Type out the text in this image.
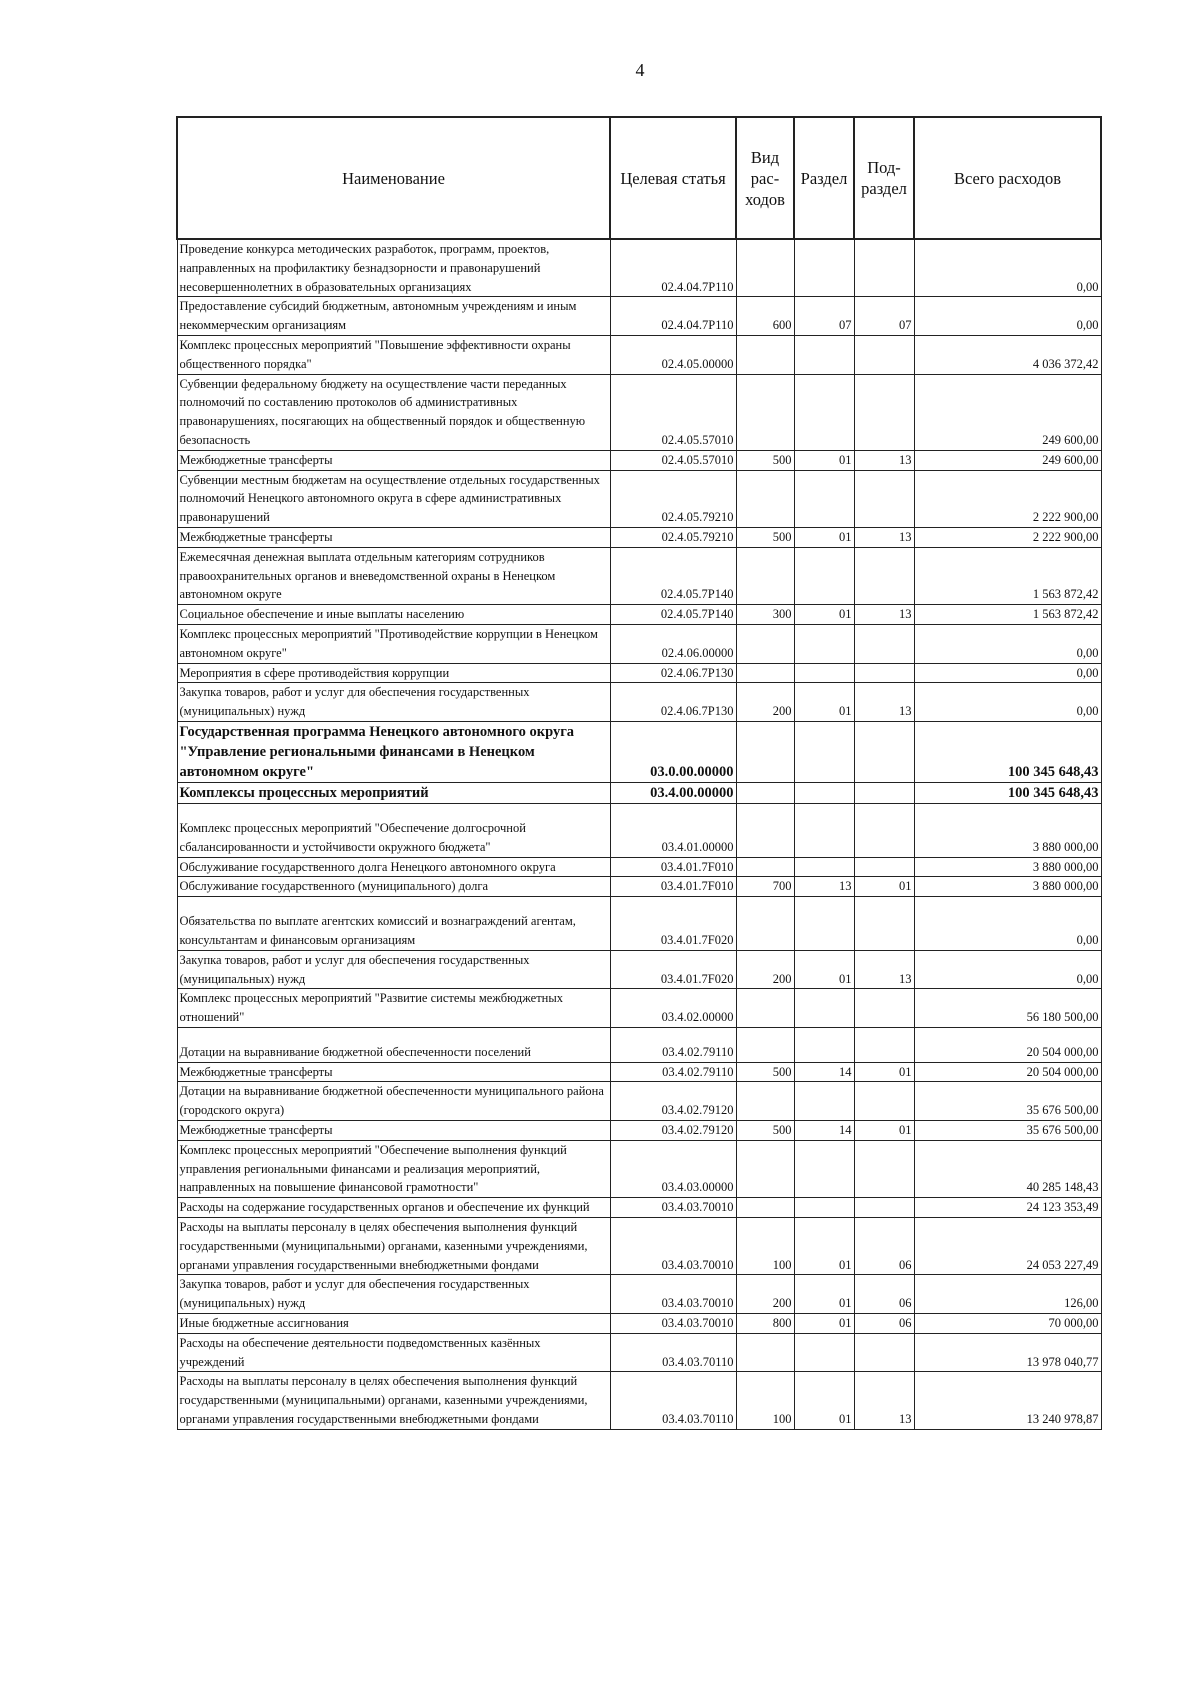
4
Наименование	Целевая статья	Вид рас- ходов	Раздел	Под- раздел	Всего расходов
Проведение конкурса методических разработок, программ, проектов, направленных на профилактику безнадзорности и правонарушений несовершеннолетних в образовательных организациях	02.4.04.7Р110				0,00
Предоставление субсидий бюджетным, автономным учреждениям и иным некоммерческим организациям	02.4.04.7Р110	600	07	07	0,00
Комплекс процессных мероприятий "Повышение эффективности охраны общественного порядка"	02.4.05.00000				4 036 372,42
Субвенции федеральному бюджету на осуществление части переданных полномочий по составлению протоколов об административных правонарушениях, посягающих на общественный порядок и общественную безопасность	02.4.05.57010				249 600,00
Межбюджетные трансферты	02.4.05.57010	500	01	13	249 600,00
Субвенции местным бюджетам на осуществление отдельных государственных полномочий Ненецкого автономного округа в сфере административных правонарушений	02.4.05.79210				2 222 900,00
Межбюджетные трансферты	02.4.05.79210	500	01	13	2 222 900,00
Ежемесячная денежная выплата отдельным категориям сотрудников правоохранительных органов и вневедомственной охраны в Ненецком автономном округе	02.4.05.7Р140				1 563 872,42
Социальное обеспечение и иные выплаты населению	02.4.05.7Р140	300	01	13	1 563 872,42
Комплекс процессных мероприятий "Противодействие коррупции в Ненецком автономном округе"	02.4.06.00000				0,00
Мероприятия в сфере противодействия коррупции	02.4.06.7Р130				0,00
Закупка товаров, работ и услуг для обеспечения государственных (муниципальных) нужд	02.4.06.7Р130	200	01	13	0,00
Государственная программа Ненецкого автономного округа "Управление региональными финансами в Ненецком автономном округе"	03.0.00.00000				100 345 648,43
Комплексы процессных мероприятий	03.4.00.00000				100 345 648,43
Комплекс процессных мероприятий "Обеспечение долгосрочной сбалансированности и устойчивости окружного бюджета"	03.4.01.00000				3 880 000,00
Обслуживание государственного долга Ненецкого автономного округа	03.4.01.7F010				3 880 000,00
Обслуживание государственного (муниципального) долга	03.4.01.7F010	700	13	01	3 880 000,00
Обязательства по выплате агентских комиссий и вознаграждений агентам, консультантам и финансовым организациям	03.4.01.7F020				0,00
Закупка товаров, работ и услуг для обеспечения государственных (муниципальных) нужд	03.4.01.7F020	200	01	13	0,00
Комплекс процессных мероприятий "Развитие системы межбюджетных отношений"	03.4.02.00000				56 180 500,00
Дотации на выравнивание бюджетной обеспеченности поселений	03.4.02.79110				20 504 000,00
Межбюджетные трансферты	03.4.02.79110	500	14	01	20 504 000,00
Дотации на выравнивание бюджетной обеспеченности муниципального района (городского округа)	03.4.02.79120				35 676 500,00
Межбюджетные трансферты	03.4.02.79120	500	14	01	35 676 500,00
Комплекс процессных мероприятий "Обеспечение выполнения функций управления региональными финансами и реализация мероприятий, направленных на повышение финансовой грамотности"	03.4.03.00000				40 285 148,43
Расходы на содержание государственных органов и обеспечение их функций	03.4.03.70010				24 123 353,49
Расходы на выплаты персоналу в целях обеспечения выполнения функций государственными (муниципальными) органами, казенными учреждениями, органами управления государственными внебюджетными фондами	03.4.03.70010	100	01	06	24 053 227,49
Закупка товаров, работ и услуг для обеспечения государственных (муниципальных) нужд	03.4.03.70010	200	01	06	126,00
Иные бюджетные ассигнования	03.4.03.70010	800	01	06	70 000,00
Расходы на обеспечение деятельности подведомственных казённых учреждений	03.4.03.70110				13 978 040,77
Расходы на выплаты персоналу в целях обеспечения выполнения функций государственными (муниципальными) органами, казенными учреждениями, органами управления государственными внебюджетными фондами	03.4.03.70110	100	01	13	13 240 978,87
